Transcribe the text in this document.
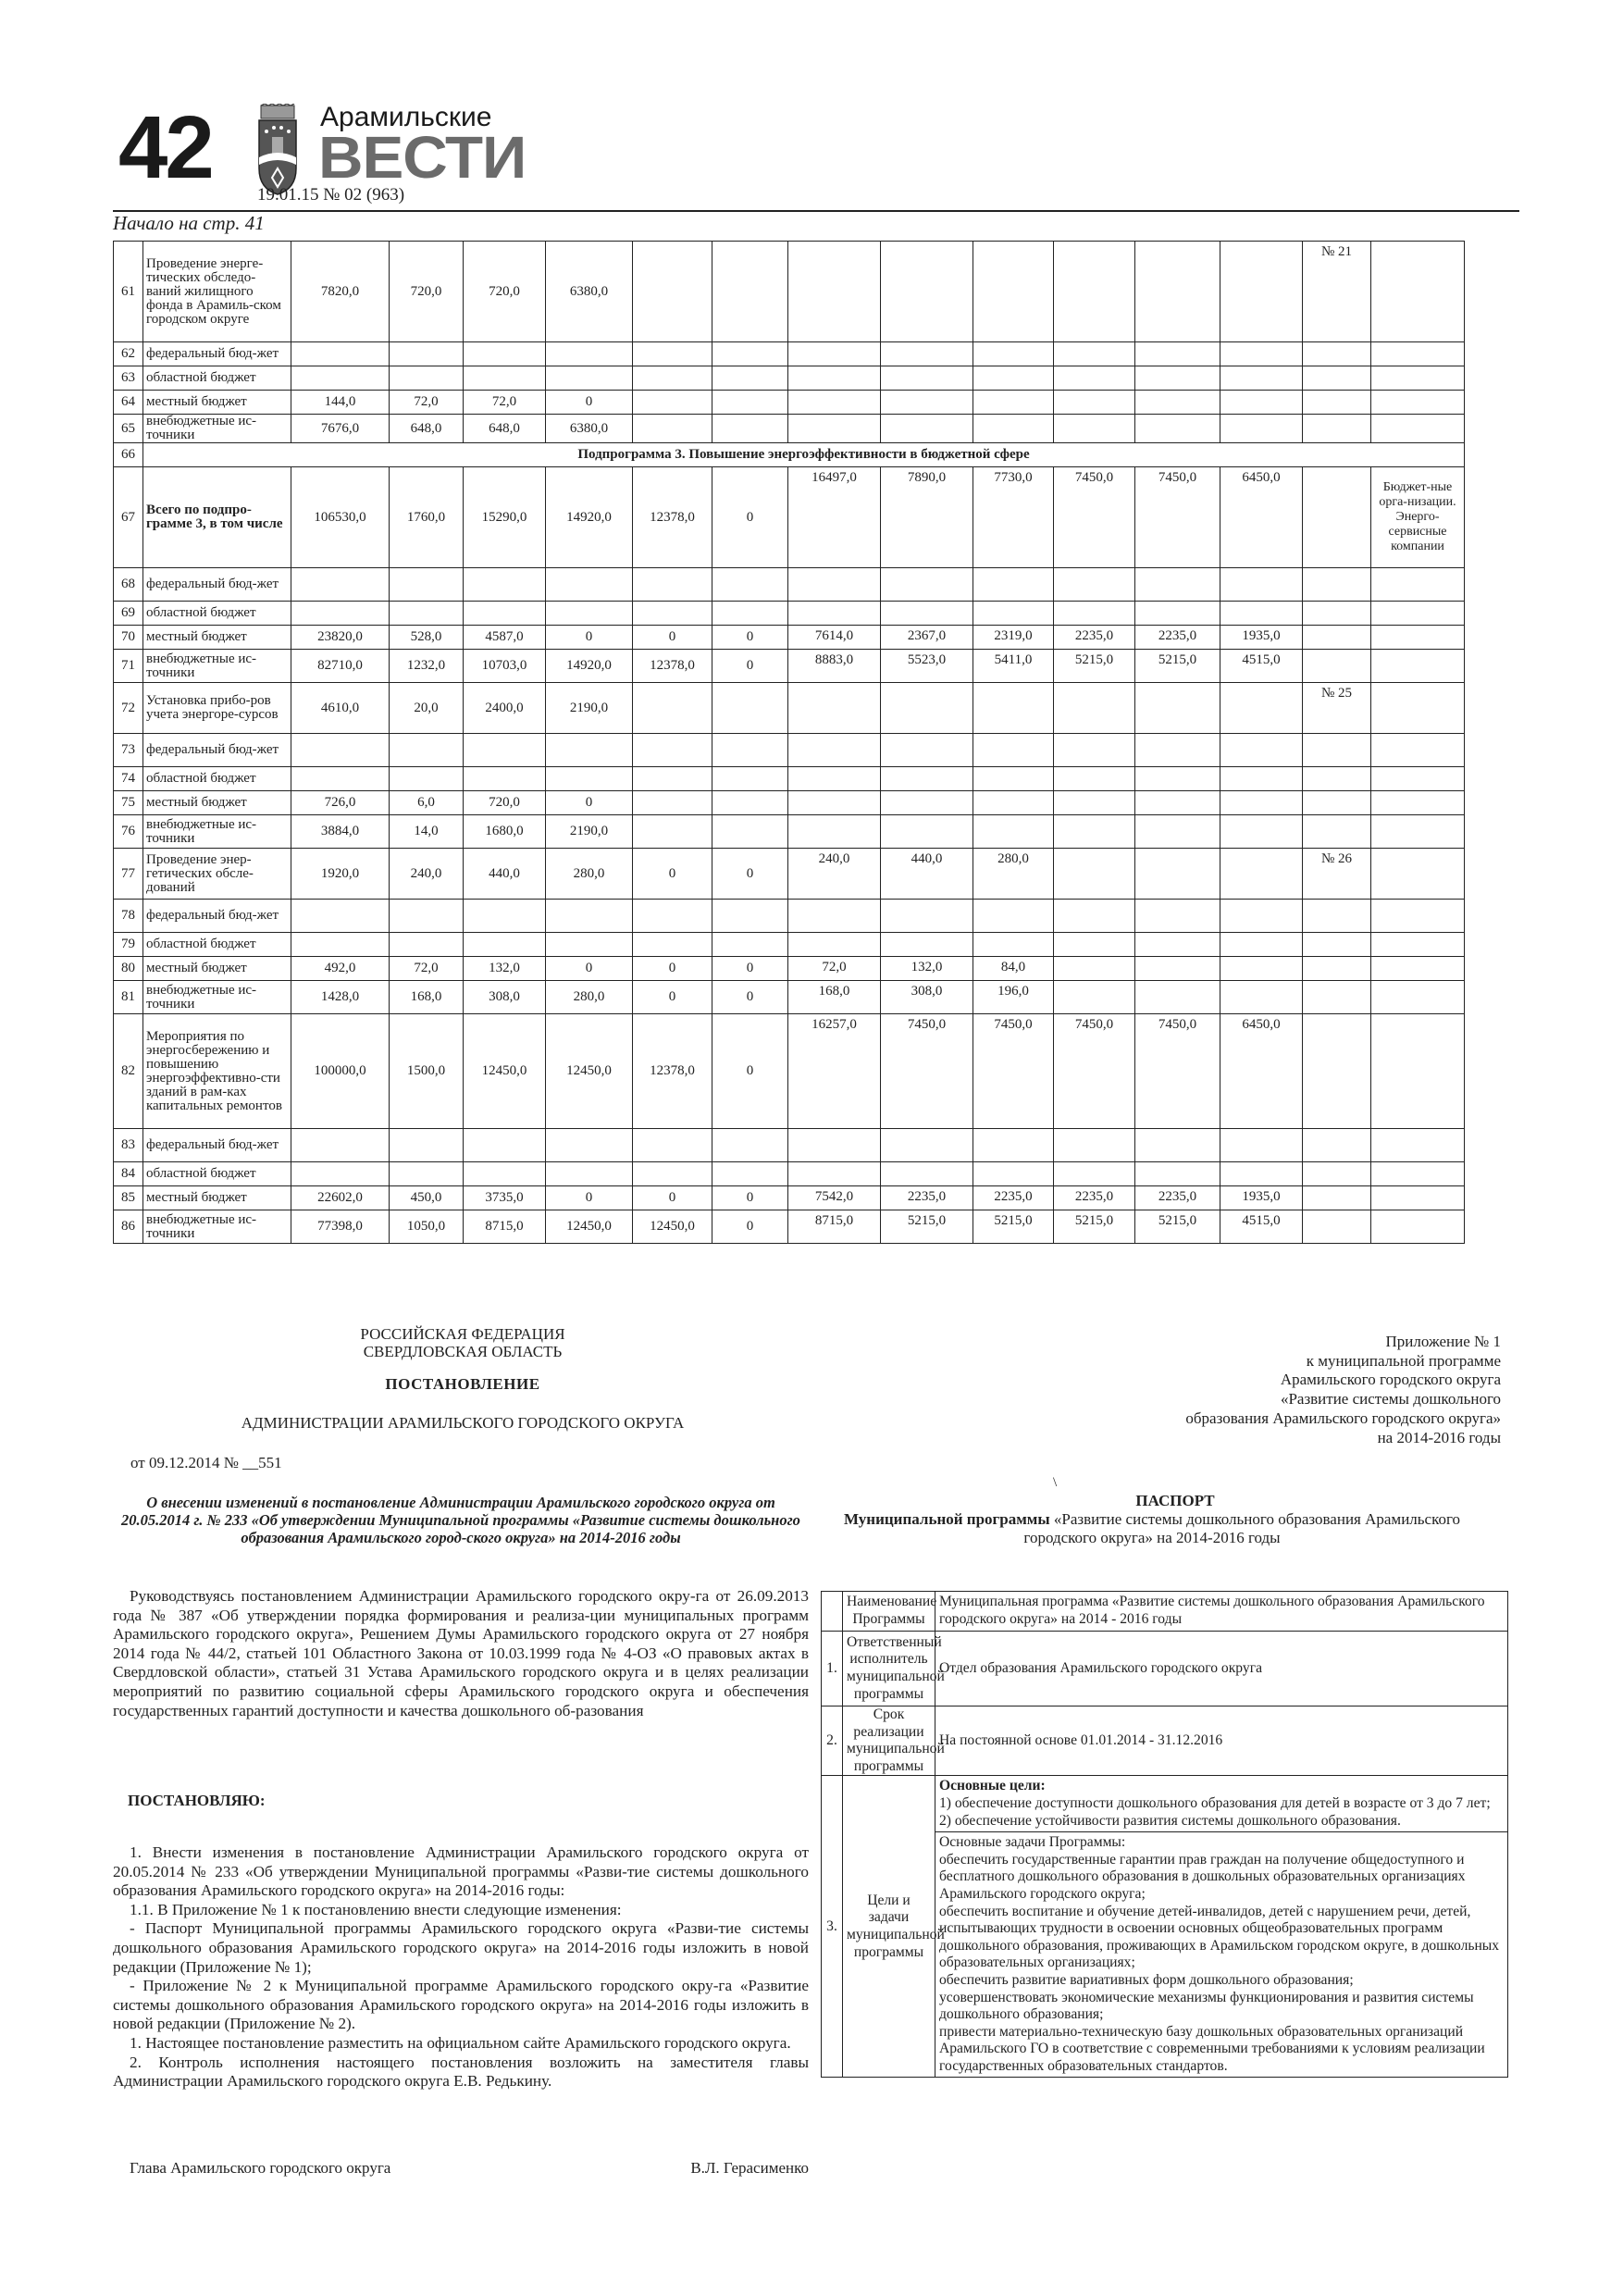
42	Арамильские
ВЕСТИ
19.01.15 № 02 (963)
Начало на стр. 41
61	Проведение энерге-тических обследо-ваний жилищного фонда в Арамиль-ском городском округе	7820,0	720,0	720,0	6380,0									№ 21	
62	федеральный бюд-жет														
63	областной бюджет														
64	местный бюджет	144,0	72,0	72,0	0										
65	внебюджетные ис-точники	7676,0	648,0	648,0	6380,0										
66	Подпрограмма 3. Повышение энергоэффективности в бюджетной сфере														
67	Всего по подпро-грамме 3, в том числе	106530,0	1760,0	15290,0	14920,0	12378,0	0	16497,0	7890,0	7730,0	7450,0	7450,0	6450,0		Бюджет-ные орга-низации. Энерго-сервисные компании
68	федеральный бюд-жет														
69	областной бюджет														
70	местный бюджет	23820,0	528,0	4587,0	0	0	0	7614,0	2367,0	2319,0	2235,0	2235,0	1935,0		
71	внебюджетные ис-точники	82710,0	1232,0	10703,0	14920,0	12378,0	0	8883,0	5523,0	5411,0	5215,0	5215,0	4515,0		
72	Установка прибо-ров учета энергоре-сурсов	4610,0	20,0	2400,0	2190,0									№ 25	
73	федеральный бюд-жет														
74	областной бюджет														
75	местный бюджет	726,0	6,0	720,0	0										
76	внебюджетные ис-точники	3884,0	14,0	1680,0	2190,0										
77	Проведение энер-гетических обсле-дований	1920,0	240,0	440,0	280,0	0	0	240,0	440,0	280,0				№ 26	
78	федеральный бюд-жет														
79	областной бюджет														
80	местный бюджет	492,0	72,0	132,0	0	0	0	72,0	132,0	84,0					
81	внебюджетные ис-точники	1428,0	168,0	308,0	280,0	0	0	168,0	308,0	196,0					
82	Мероприятия по энергосбережению и повышению энергоэффективно-сти зданий в рам-ках капитальных ремонтов	100000,0	1500,0	12450,0	12450,0	12378,0	0	16257,0	7450,0	7450,0	7450,0	7450,0	6450,0		
83	федеральный бюд-жет														
84	областной бюджет														
85	местный бюджет	22602,0	450,0	3735,0	0	0	0	7542,0	2235,0	2235,0	2235,0	2235,0	1935,0		
86	внебюджетные ис-точники	77398,0	1050,0	8715,0	12450,0	12450,0	0	8715,0	5215,0	5215,0	5215,0	5215,0	4515,0		
РОССИЙСКАЯ ФЕДЕРАЦИЯ
СВЕРДЛОВСКАЯ ОБЛАСТЬ
ПОСТАНОВЛЕНИЕ
АДМИНИСТРАЦИИ АРАМИЛЬСКОГО ГОРОДСКОГО ОКРУГА
от 09.12.2014 № __551
О внесении изменений в постановление Администрации Арамильского городского округа от 20.05.2014 г. № 233 «Об утверждении Муниципальной программы «Развитие системы дошкольного образования Арамильского город-ского округа» на 2014-2016 годы
Руководствуясь постановлением Администрации Арамильского городского окру-га от 26.09.2013 года № 387 «Об утверждении порядка формирования и реализа-ции муниципальных программ Арамильского городского округа», Решением Думы Арамильского городского округа от 27 ноября 2014 года № 44/2, статьей 101 Областного Закона от 10.03.1999 года № 4-ОЗ «О правовых актах в Свердловской области», статьей 31 Устава Арамильского городского округа и в целях реализации мероприятий по развитию социальной сферы Арамильского городского округа и обеспечения государственных гарантий доступности и качества дошкольного об-разования
ПОСТАНОВЛЯЮ:
1. Внести изменения в постановление Администрации Арамильского городского округа от 20.05.2014 № 233 «Об утверждении Муниципальной программы «Разви-тие системы дошкольного образования Арамильского городского округа» на 2014-2016 годы:
1.1. В Приложение № 1 к постановлению внести следующие изменения:
- Паспорт Муниципальной программы Арамильского городского округа «Разви-тие системы дошкольного образования Арамильского городского округа» на 2014-2016 годы изложить в новой редакции (Приложение № 1);
- Приложение № 2 к Муниципальной программе Арамильского городского окру-га «Развитие системы дошкольного образования Арамильского городского округа» на 2014-2016 годы изложить в новой редакции (Приложение № 2).
1. Настоящее постановление разместить на официальном сайте Арамильского городского округа.
2. Контроль исполнения настоящего постановления возложить на заместителя главы Администрации Арамильского городского округа Е.В. Редькину.
Глава Арамильского городского округа	В.Л. Герасименко
Приложение № 1
к муниципальной программе
Арамильского городского округа
«Развитие системы дошкольного
образования Арамильского городского округа»
на 2014-2016 годы
\
ПАСПОРТ
Муниципальной программы «Развитие системы дошкольного образования Арамильского городского округа» на 2014-2016 годы
	Наименование Программы	Муниципальная программа «Развитие системы дошкольного образования Арамильского городского округа» на 2014 - 2016 годы
1.	Ответственный исполнитель муниципальной программы	Отдел образования Арамильского городского округа
2.	Срок реализации муниципальной программы	На постоянной основе 01.01.2014 - 31.12.2016
3.	Цели и задачи муниципальной программы	Основные цели:
1) обеспечение доступности дошкольного образования для детей в возрасте от 3 до 7 лет;
2) обеспечение устойчивости развития системы дошкольного образования.

Основные задачи Программы:
обеспечить государственные гарантии прав граждан на получение общедоступного и бесплатного дошкольного образования в дошкольных образовательных организациях Арамильского городского округа;
обеспечить воспитание и обучение детей-инвалидов, детей с нарушением речи, детей, испытывающих трудности в освоении основных общеобразовательных программ дошкольного образования, проживающих в Арамильском городском округе, в дошкольных образовательных организациях;
обеспечить развитие вариативных форм дошкольного образования;
усовершенствовать экономические механизмы функционирования и развития системы дошкольного образования;
привести материально-техническую базу дошкольных образовательных организаций Арамильского ГО в соответствие с современными требованиями к условиям реализации государственных образовательных стандартов.
